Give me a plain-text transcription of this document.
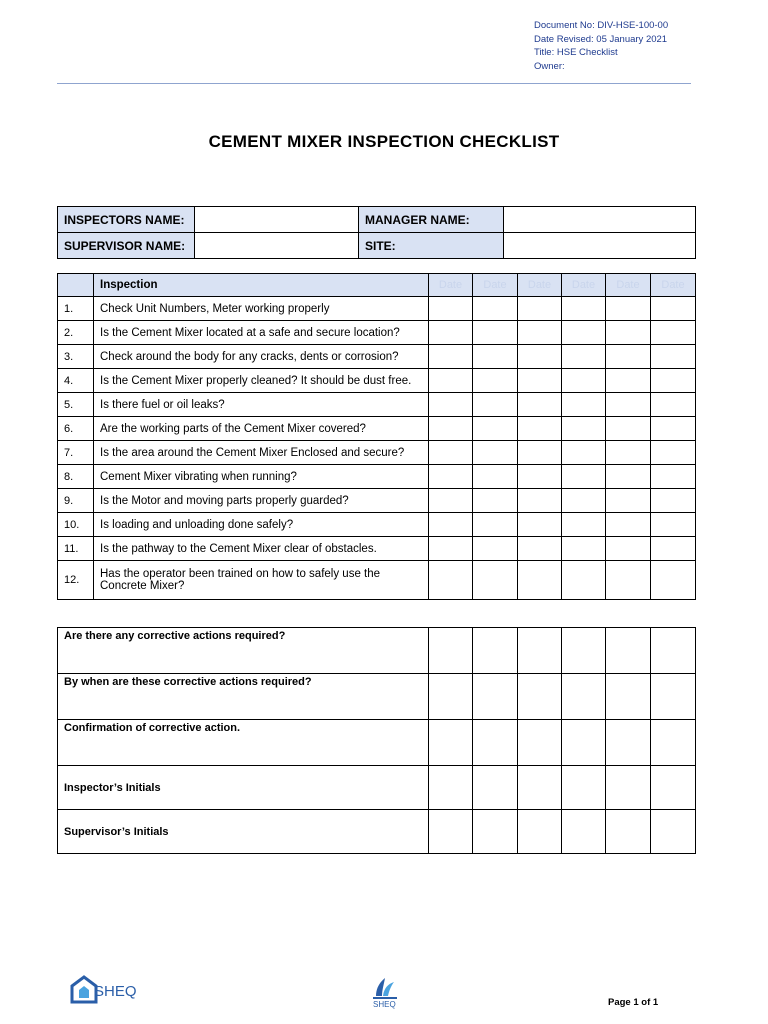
Document No: DIV-HSE-100-00
Date Revised: 05 January 2021
Title: HSE Checklist
Owner:
CEMENT MIXER INSPECTION CHECKLIST
INSPECTORS NAME:		MANAGER NAME:	
SUPERVISOR NAME:		SITE:	
	Inspection	Date	Date	Date	Date	Date	Date
1.	Check Unit Numbers, Meter working properly						
2.	Is the Cement Mixer located at a safe and secure location?						
3.	Check around the body for any cracks, dents or corrosion?						
4.	Is the Cement Mixer properly cleaned? It should be dust free.						
5.	Is there fuel or oil leaks?						
6.	Are the working parts of the Cement Mixer covered?						
7.	Is the area around the Cement Mixer Enclosed and secure?						
8.	Cement Mixer vibrating when running?						
9.	Is the Motor and moving parts properly guarded?						
10.	Is loading and unloading done safely?						
11.	Is the pathway to the Cement Mixer clear of obstacles.						
12.	Has the operator been trained on how to safely use the Concrete Mixer?						
Are there any corrective actions required?						
By when are these corrective actions required?						
Confirmation of corrective action.						
Inspector’s Initials						
Supervisor’s Initials						
SHEQ
SHEQ	Page 1 of 1
